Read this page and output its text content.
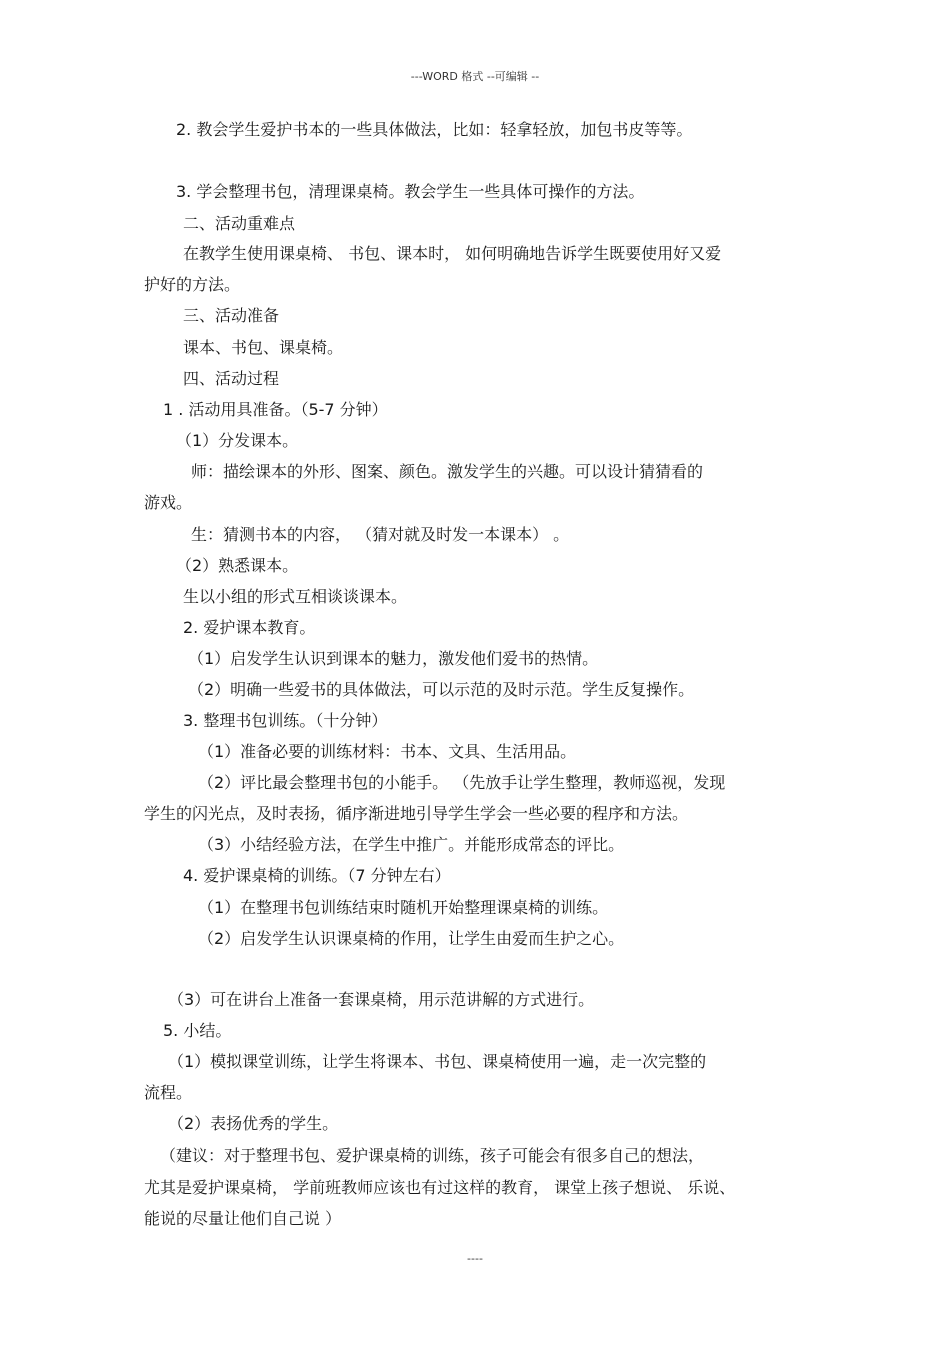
---WORD 格式 --可编辑 --
2. 教会学生爱护书本的一些具体做法，比如：轻拿轻放，加包书皮等等。
3. 学会整理书包，清理课桌椅。教会学生一些具体可操作的方法。
二、活动重难点
在教学生使用课桌椅、 书包、课本时， 如何明确地告诉学生既要使用好又爱
护好的方法。
三、活动准备
课本、书包、课桌椅。
四、活动过程
1 . 活动用具准备。（5-7 分钟）
（1）分发课本。
师：描绘课本的外形、图案、颜色。激发学生的兴趣。可以设计猜猜看的
游戏。
生：猜测书本的内容， （猜对就及时发一本课本） 。
（2）熟悉课本。
生以小组的形式互相谈谈课本。
2. 爱护课本教育。
（1）启发学生认识到课本的魅力，激发他们爱书的热情。
（2）明确一些爱书的具体做法，可以示范的及时示范。学生反复操作。
3. 整理书包训练。（十分钟）
（1）准备必要的训练材料：书本、文具、生活用品。
（2）评比最会整理书包的小能手。 （先放手让学生整理，教师巡视，发现
学生的闪光点，及时表扬，循序渐进地引导学生学会一些必要的程序和方法。
（3）小结经验方法，在学生中推广。并能形成常态的评比。
4. 爱护课桌椅的训练。（7 分钟左右）
（1）在整理书包训练结束时随机开始整理课桌椅的训练。
（2）启发学生认识课桌椅的作用，让学生由爱而生护之心。
（3）可在讲台上准备一套课桌椅，用示范讲解的方式进行。
5. 小结。
（1）模拟课堂训练，让学生将课本、书包、课桌椅使用一遍，走一次完整的
流程。
（2）表扬优秀的学生。
（建议：对于整理书包、爱护课桌椅的训练，孩子可能会有很多自己的想法，
尤其是爱护课桌椅， 学前班教师应该也有过这样的教育， 课堂上孩子想说、 乐说、
能说的尽量让他们自己说 ）
----
